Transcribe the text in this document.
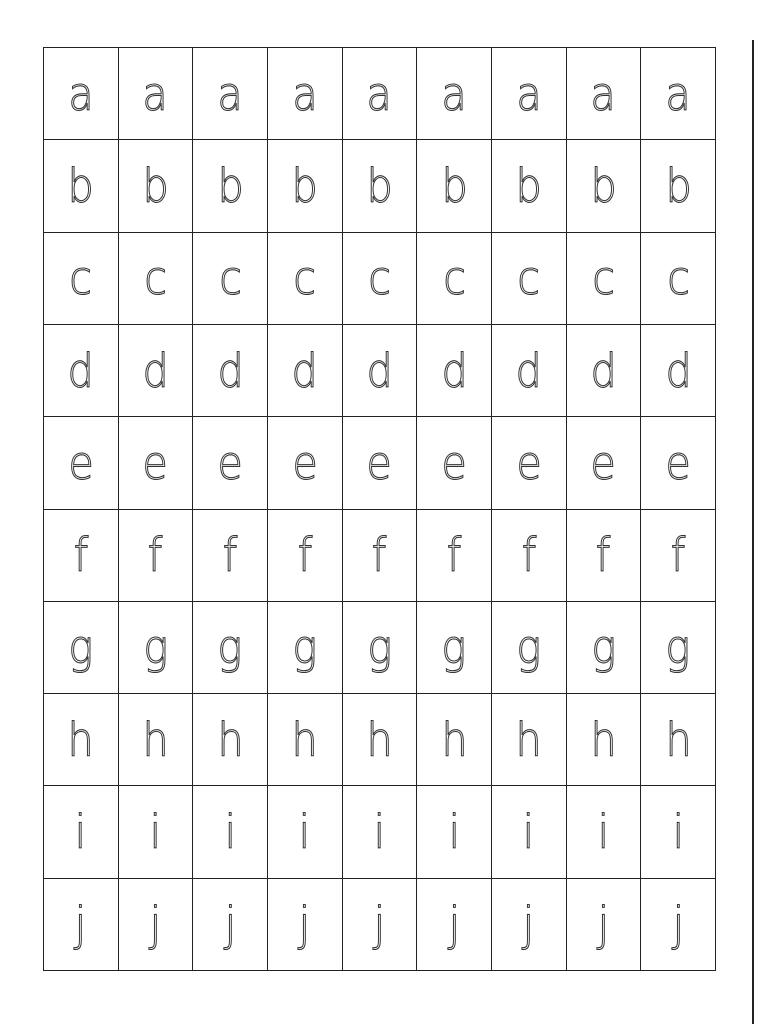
a a a a a a a a a
b b b b b b b b b
c c c c c c c c c
d d d d d d d d d
e e e e e e e e e
f f f f f f f f f
g g g g g g g g g
h h h h h h h h h
i i i i i i i i i
j j j j j j j j j
